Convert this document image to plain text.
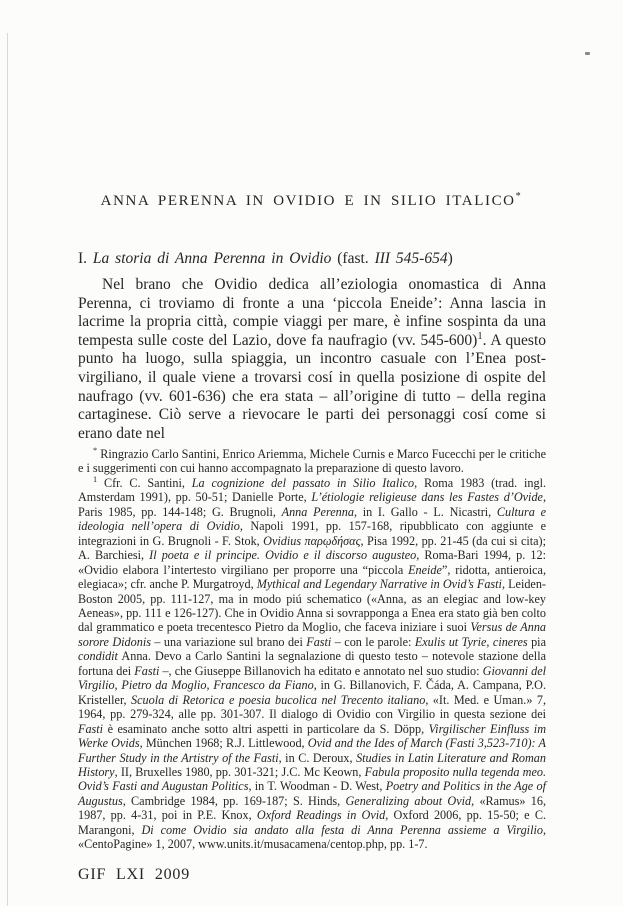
ANNA PERENNA IN OVIDIO E IN SILIO ITALICO*
I. La storia di Anna Perenna in Ovidio (fast. III 545-654)
Nel brano che Ovidio dedica all’eziologia onomastica di Anna Perenna, ci troviamo di fronte a una ‘piccola Eneide’: Anna lascia in lacrime la propria città, compie viaggi per mare, è infine sospinta da una tempesta sulle coste del Lazio, dove fa naufragio (vv. 545-600)$^1$. A questo punto ha luogo, sulla spiaggia, un incontro casuale con l’Enea post-virgiliano, il quale viene a trovarsi cosí in quella posizione di ospite del naufrago (vv. 601-636) che era stata – all’origine di tutto – della regina cartaginese. Ciò serve a rievocare le parti dei personaggi cosí come si erano date nel

* Ringrazio Carlo Santini, Enrico Ariemma, Michele Curnis e Marco Fucecchi per le critiche e i suggerimenti con cui hanno accompagnato la preparazione di questo lavoro.

$^1$ Cfr. C. Santini, La cognizione del passato in Silio Italico, Roma 1983 (trad. ingl. Amsterdam 1991), pp. 50-51; Danielle Porte, L’étiologie religieuse dans les Fastes d’Ovide, Paris 1985, pp. 144-148; G. Brugnoli, Anna Perenna, in I. Gallo - L. Nicastri, Cultura e ideologia nell’opera di Ovidio, Napoli 1991, pp. 157-168, ripubblicato con aggiunte e integrazioni in G. Brugnoli - F. Stok, Ovidius παρῳδήσας, Pisa 1992, pp. 21-45 (da cui si cita); A. Barchiesi, Il poeta e il principe. Ovidio e il discorso augusteo, Roma-Bari 1994, p. 12: «Ovidio elabora l’intertesto virgiliano per proporre una “piccola Eneide”, ridotta, antieroica, elegiaca»; cfr. anche P. Murgatroyd, Mythical and Legendary Narrative in Ovid’s Fasti, Leiden-Boston 2005, pp. 111-127, ma in modo piú schematico («Anna, as an elegiac and low-key Aeneas», pp. 111 e 126-127). Che in Ovidio Anna si sovrapponga a Enea era stato già ben colto dal grammatico e poeta trecentesco Pietro da Moglio, che faceva iniziare i suoi Versus de Anna sorore Didonis – una variazione sul brano dei Fasti – con le parole: Exulis ut Tyrie, cineres pia condidit Anna. Devo a Carlo Santini la segnalazione di questo testo – notevole stazione della fortuna dei Fasti –, che Giuseppe Billanovich ha editato e annotato nel suo studio: Giovanni del Virgilio, Pietro da Moglio, Francesco da Fiano, in G. Billanovich, F. Čáda, A. Campana, P.O. Kristeller, Scuola di Retorica e poesia bucolica nel Trecento italiano, «It. Med. e Uman.» 7, 1964, pp. 279-324, alle pp. 301-307. Il dialogo di Ovidio con Virgilio in questa sezione dei Fasti è esaminato anche sotto altri aspetti in particolare da S. Döpp, Virgilischer Einfluss im Werke Ovids, München 1968; R.J. Littlewood, Ovid and the Ides of March (Fasti 3,523-710): A Further Study in the Artistry of the Fasti, in C. Deroux, Studies in Latin Literature and Roman History, II, Bruxelles 1980, pp. 301-321; J.C. Mc Keown, Fabula proposito nulla tegenda meo. Ovid’s Fasti and Augustan Politics, in T. Woodman - D. West, Poetry and Politics in the Age of Augustus, Cambridge 1984, pp. 169-187; S. Hinds, Generalizing about Ovid, «Ramus» 16, 1987, pp. 4-31, poi in P.E. Knox, Oxford Readings in Ovid, Oxford 2006, pp. 15-50; e C. Marangoni, Di come Ovidio sia andato alla festa di Anna Perenna assieme a Virgilio, «CentoPagine» 1, 2007, www.units.it/musacamena/centop.php, pp. 1-7.

GIF LXI 2009
